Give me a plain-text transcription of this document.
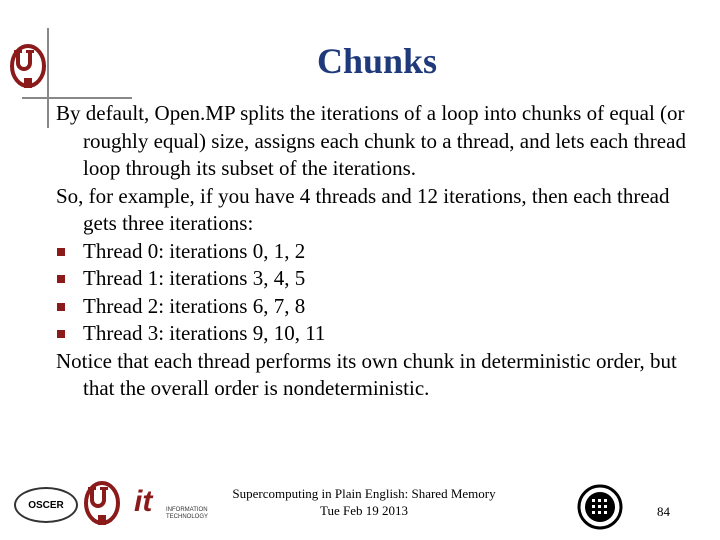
Chunks
By default, Open.MP splits the iterations of a loop into chunks of equal (or roughly equal) size, assigns each chunk to a thread, and lets each thread loop through its subset of the iterations.
So, for example, if you have 4 threads and 12 iterations, then each thread gets three iterations:
Thread 0: iterations 0, 1, 2
Thread 1: iterations 3, 4, 5
Thread 2: iterations 6, 7, 8
Thread 3: iterations 9, 10, 11
Notice that each thread performs its own chunk in deterministic order, but that the overall order is nondeterministic.
OSCER it INFORMATION TECHNOLOGY
Supercomputing in Plain English: Shared Memory
Tue Feb 19 2013	84
